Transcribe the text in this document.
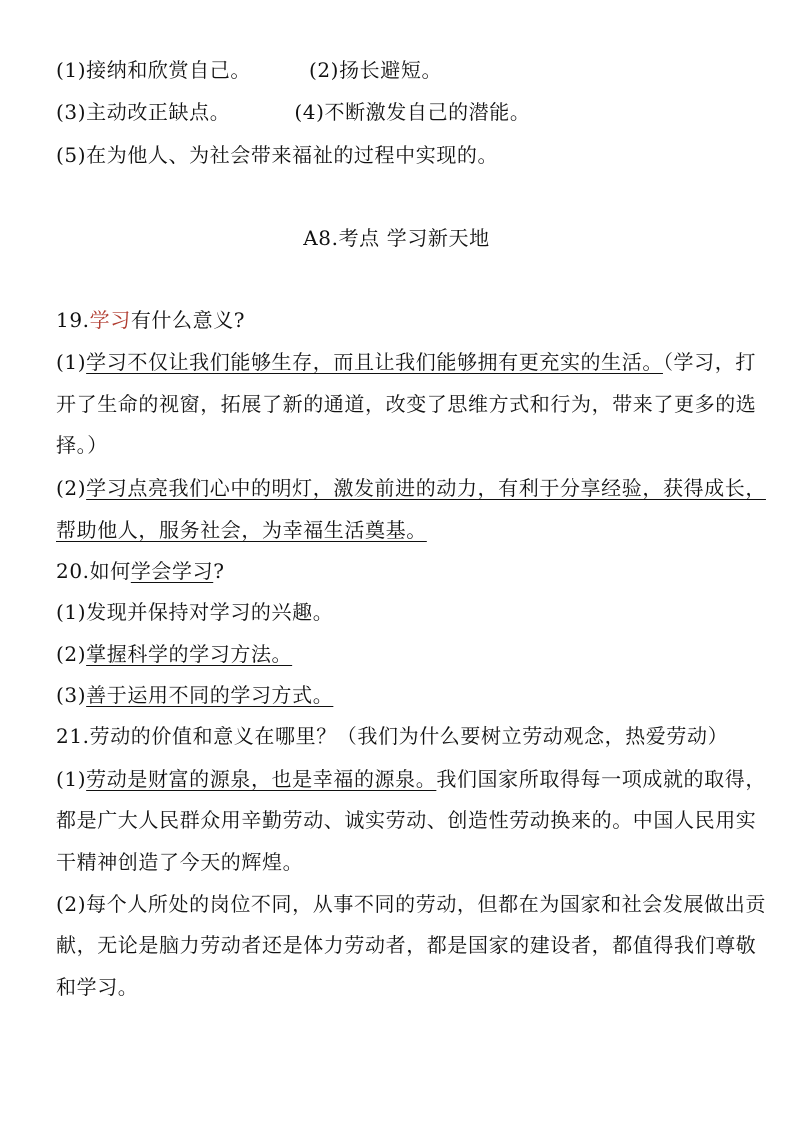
(1)接纳和欣赏自己。	(2)扬长避短。
(3)主动改正缺点。	(4)不断激发自己的潜能。
(5)在为他人、为社会带来福祉的过程中实现的。
A8.考点 学习新天地
19.学习有什么意义?
(1)学习不仅让我们能够生存，而且让我们能够拥有更充实的生活。（学习，打
开了生命的视窗，拓展了新的通道，改变了思维方式和行为，带来了更多的选
择。）
(2)学习点亮我们心中的明灯，激发前进的动力，有利于分享经验，获得成长，
帮助他人，服务社会，为幸福生活奠基。
20.如何学会学习?
(1)发现并保持对学习的兴趣。
(2)掌握科学的学习方法。
(3)善于运用不同的学习方式。
21.劳动的价值和意义在哪里？（我们为什么要树立劳动观念，热爱劳动）
(1)劳动是财富的源泉，也是幸福的源泉。我们国家所取得每一项成就的取得，
都是广大人民群众用辛勤劳动、诚实劳动、创造性劳动换来的。中国人民用实
干精神创造了今天的辉煌。
(2)每个人所处的岗位不同，从事不同的劳动，但都在为国家和社会发展做出贡
献，无论是脑力劳动者还是体力劳动者，都是国家的建设者，都值得我们尊敬
和学习。
